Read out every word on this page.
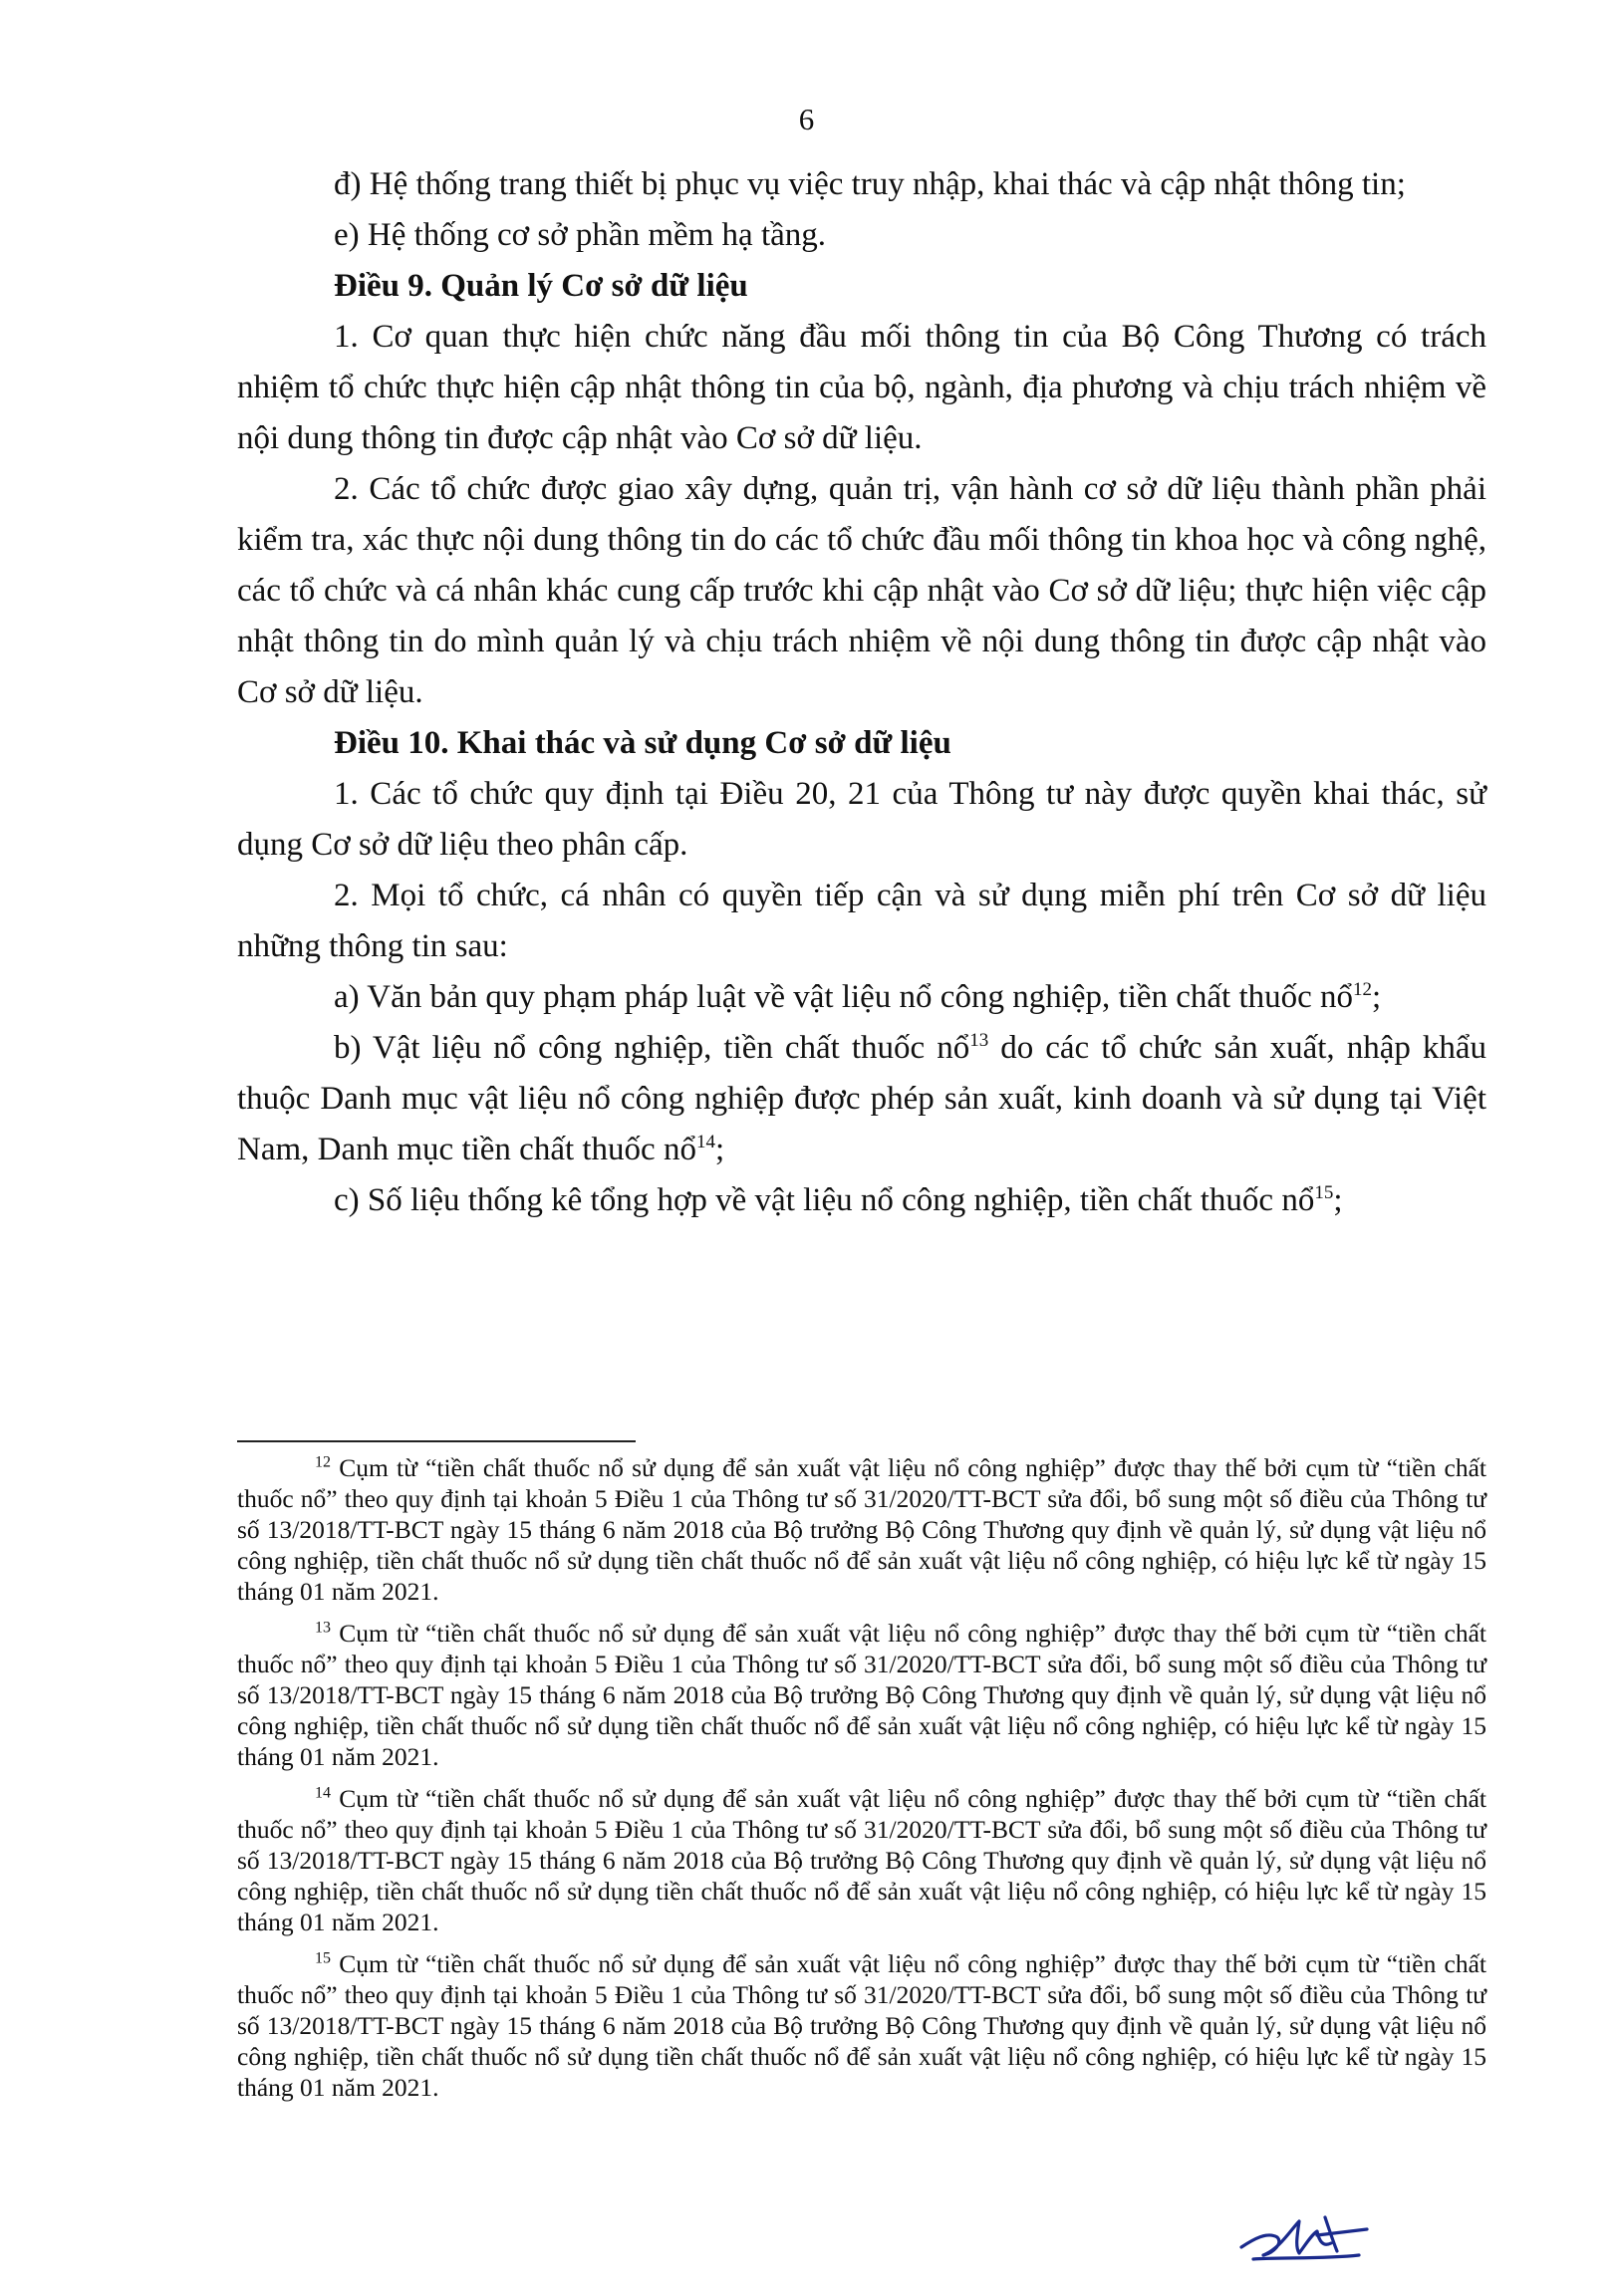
6

đ) Hệ thống trang thiết bị phục vụ việc truy nhập, khai thác và cập nhật thông tin;

e) Hệ thống cơ sở phần mềm hạ tầng.

Điều 9. Quản lý Cơ sở dữ liệu

1. Cơ quan thực hiện chức năng đầu mối thông tin của Bộ Công Thương có trách nhiệm tổ chức thực hiện cập nhật thông tin của bộ, ngành, địa phương và chịu trách nhiệm về nội dung thông tin được cập nhật vào Cơ sở dữ liệu.

2. Các tổ chức được giao xây dựng, quản trị, vận hành cơ sở dữ liệu thành phần phải kiểm tra, xác thực nội dung thông tin do các tổ chức đầu mối thông tin khoa học và công nghệ, các tổ chức và cá nhân khác cung cấp trước khi cập nhật vào Cơ sở dữ liệu; thực hiện việc cập nhật thông tin do mình quản lý và chịu trách nhiệm về nội dung thông tin được cập nhật vào Cơ sở dữ liệu.

Điều 10. Khai thác và sử dụng Cơ sở dữ liệu

1. Các tổ chức quy định tại Điều 20, 21 của Thông tư này được quyền khai thác, sử dụng Cơ sở dữ liệu theo phân cấp.

2. Mọi tổ chức, cá nhân có quyền tiếp cận và sử dụng miễn phí trên Cơ sở dữ liệu những thông tin sau:

a) Văn bản quy phạm pháp luật về vật liệu nổ công nghiệp, tiền chất thuốc nổ$^{12}$;

b) Vật liệu nổ công nghiệp, tiền chất thuốc nổ$^{13}$ do các tổ chức sản xuất, nhập khẩu thuộc Danh mục vật liệu nổ công nghiệp được phép sản xuất, kinh doanh và sử dụng tại Việt Nam, Danh mục tiền chất thuốc nổ$^{14}$;

c) Số liệu thống kê tổng hợp về vật liệu nổ công nghiệp, tiền chất thuốc nổ$^{15}$;

$^{12}$ Cụm từ “tiền chất thuốc nổ sử dụng để sản xuất vật liệu nổ công nghiệp” được thay thế bởi cụm từ “tiền chất thuốc nổ” theo quy định tại khoản 5 Điều 1 của Thông tư số 31/2020/TT-BCT sửa đổi, bổ sung một số điều của Thông tư số 13/2018/TT-BCT ngày 15 tháng 6 năm 2018 của Bộ trưởng Bộ Công Thương quy định về quản lý, sử dụng vật liệu nổ công nghiệp, tiền chất thuốc nổ sử dụng tiền chất thuốc nổ để sản xuất vật liệu nổ công nghiệp, có hiệu lực kể từ ngày 15 tháng 01 năm 2021.

$^{13}$ Cụm từ “tiền chất thuốc nổ sử dụng để sản xuất vật liệu nổ công nghiệp” được thay thế bởi cụm từ “tiền chất thuốc nổ” theo quy định tại khoản 5 Điều 1 của Thông tư số 31/2020/TT-BCT sửa đổi, bổ sung một số điều của Thông tư số 13/2018/TT-BCT ngày 15 tháng 6 năm 2018 của Bộ trưởng Bộ Công Thương quy định về quản lý, sử dụng vật liệu nổ công nghiệp, tiền chất thuốc nổ sử dụng tiền chất thuốc nổ để sản xuất vật liệu nổ công nghiệp, có hiệu lực kể từ ngày 15 tháng 01 năm 2021.

$^{14}$ Cụm từ “tiền chất thuốc nổ sử dụng để sản xuất vật liệu nổ công nghiệp” được thay thế bởi cụm từ “tiền chất thuốc nổ” theo quy định tại khoản 5 Điều 1 của Thông tư số 31/2020/TT-BCT sửa đổi, bổ sung một số điều của Thông tư số 13/2018/TT-BCT ngày 15 tháng 6 năm 2018 của Bộ trưởng Bộ Công Thương quy định về quản lý, sử dụng vật liệu nổ công nghiệp, tiền chất thuốc nổ sử dụng tiền chất thuốc nổ để sản xuất vật liệu nổ công nghiệp, có hiệu lực kể từ ngày 15 tháng 01 năm 2021.

$^{15}$ Cụm từ “tiền chất thuốc nổ sử dụng để sản xuất vật liệu nổ công nghiệp” được thay thế bởi cụm từ “tiền chất thuốc nổ” theo quy định tại khoản 5 Điều 1 của Thông tư số 31/2020/TT-BCT sửa đổi, bổ sung một số điều của Thông tư số 13/2018/TT-BCT ngày 15 tháng 6 năm 2018 của Bộ trưởng Bộ Công Thương quy định về quản lý, sử dụng vật liệu nổ công nghiệp, tiền chất thuốc nổ sử dụng tiền chất thuốc nổ để sản xuất vật liệu nổ công nghiệp, có hiệu lực kể từ ngày 15 tháng 01 năm 2021.
